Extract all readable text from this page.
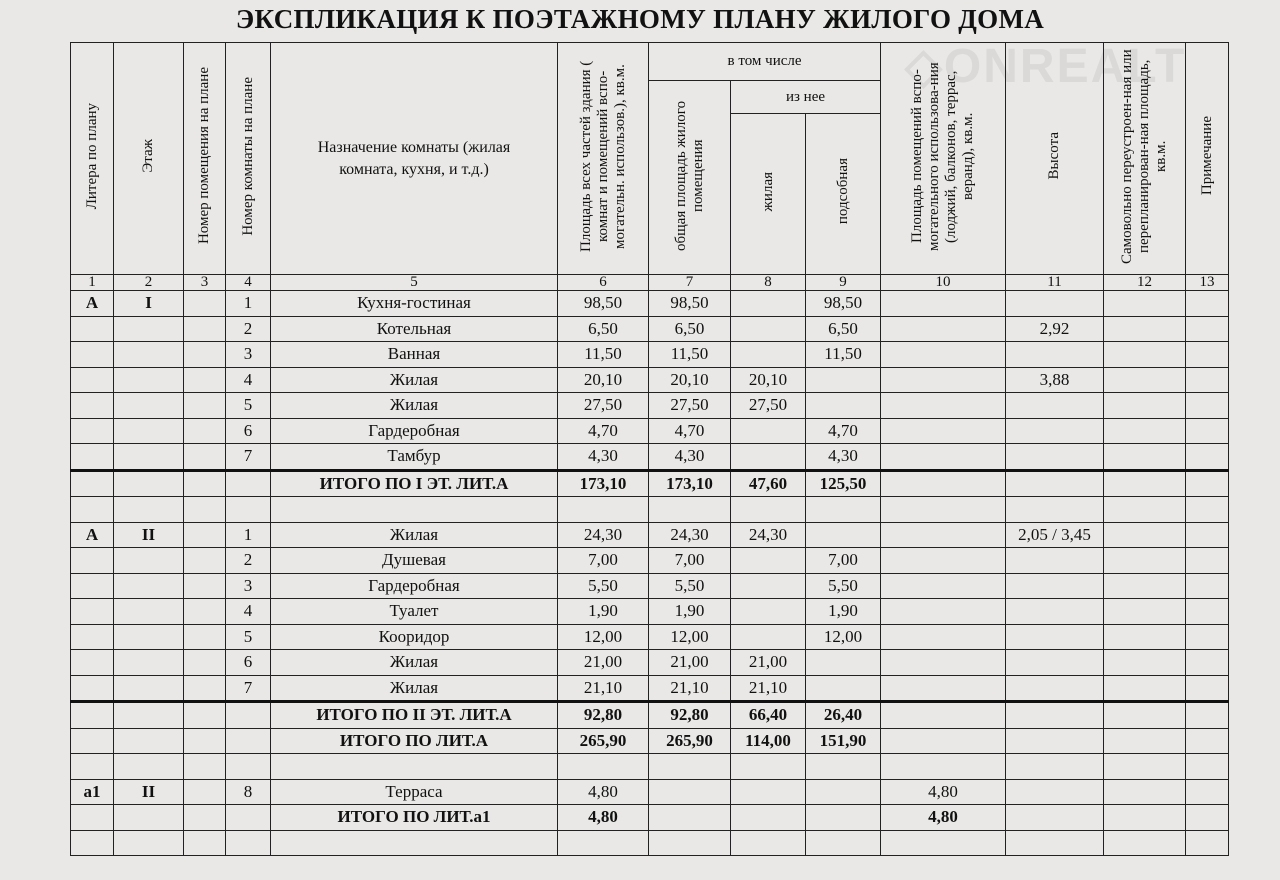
ЭКСПЛИКАЦИЯ К ПОЭТАЖНОМУ ПЛАНУ ЖИЛОГО ДОМА
◇ONREALT
Литера по плану	Этаж	Номер помещения на плане	Номер комнаты на плане	Назначение комнаты (жилая комната, кухня, и т.д.)	Площадь всех частей здания ( комнат и помещений вспо-могательн. использов.), кв.м.	в том числе			Площадь помещений вспо-могательного использова-ния (лоджий, балконов, террас, веранд), кв.м.	Высота	Самовольно переустроен-ная или перепланирован-ная площадь, кв.м.	Примечание
						общая площадь жилого помещения	из нее					
							жилая	подсобная				
1	2	3	4	5	6	7	8	9	10	11	12	13
А	I		1	Кухня-гостиная	98,50	98,50		98,50				
			2	Котельная	6,50	6,50		6,50		2,92		
			3	Ванная	11,50	11,50		11,50				
			4	Жилая	20,10	20,10	20,10			3,88		
			5	Жилая	27,50	27,50	27,50					
			6	Гардеробная	4,70	4,70		4,70				
			7	Тамбур	4,30	4,30		4,30				
				ИТОГО ПО I ЭТ. ЛИТ.А	173,10	173,10	47,60	125,50				

А	II		1	Жилая	24,30	24,30	24,30			2,05 / 3,45		
			2	Душевая	7,00	7,00		7,00				
			3	Гардеробная	5,50	5,50		5,50				
			4	Туалет	1,90	1,90		1,90				
			5	Кооридор	12,00	12,00		12,00				
			6	Жилая	21,00	21,00	21,00					
			7	Жилая	21,10	21,10	21,10					
				ИТОГО ПО II ЭТ. ЛИТ.А	92,80	92,80	66,40	26,40				
				ИТОГО ПО ЛИТ.А	265,90	265,90	114,00	151,90				

а1	II		8	Терраса	4,80				4,80			
				ИТОГО ПО ЛИТ.а1	4,80				4,80			
